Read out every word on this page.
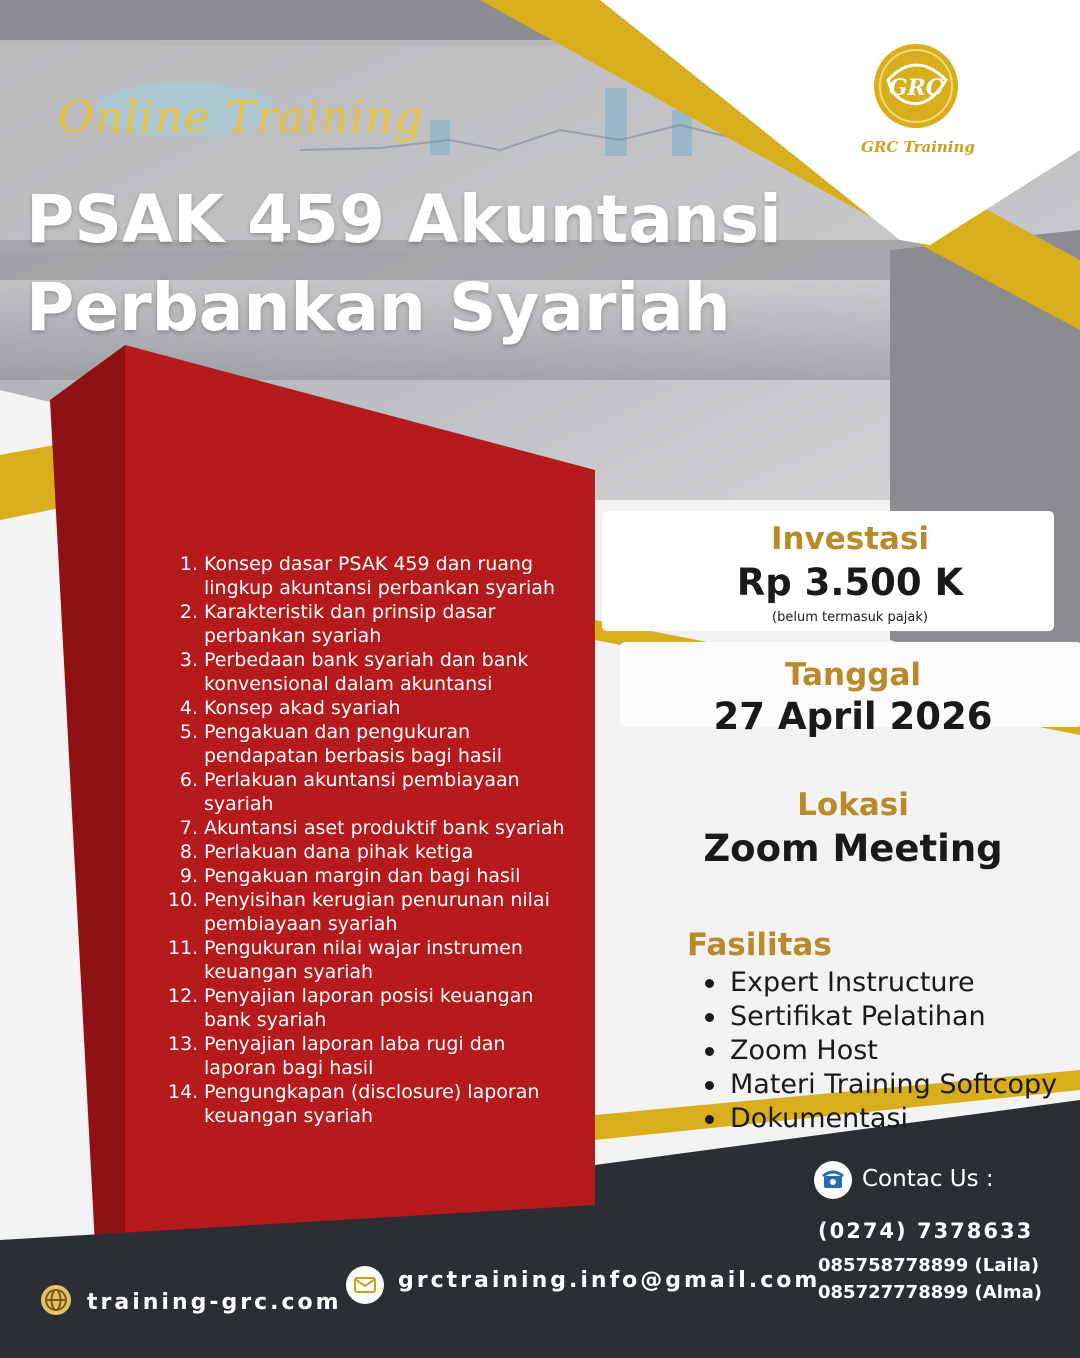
Online Training
PSAK 459 Akuntansi
Perbankan Syariah
GRC
GRC Training
1. Konsep dasar PSAK 459 dan ruang lingkup akuntansi perbankan syariah
2. Karakteristik dan prinsip dasar perbankan syariah
3. Perbedaan bank syariah dan bank konvensional dalam akuntansi
4. Konsep akad syariah
5. Pengakuan dan pengukuran pendapatan berbasis bagi hasil
6. Perlakuan akuntansi pembiayaan syariah
7. Akuntansi aset produktif bank syariah
8. Perlakuan dana pihak ketiga
9. Pengakuan margin dan bagi hasil
10. Penyisihan kerugian penurunan nilai pembiayaan syariah
11. Pengukuran nilai wajar instrumen keuangan syariah
12. Penyajian laporan posisi keuangan bank syariah
13. Penyajian laporan laba rugi dan laporan bagi hasil
14. Pengungkapan (disclosure) laporan keuangan syariah
Investasi
Rp 3.500 K
(belum termasuk pajak)
Tanggal
27 April 2026
Lokasi
Zoom Meeting
Fasilitas
Expert Instructure
Sertifikat Pelatihan
Zoom Host
Materi Training Softcopy
Dokumentasi
Contac Us :
(0274) 7378633
085758778899 (Laila)
085727778899 (Alma)
grctraining.info@gmail.com
training-grc.com
